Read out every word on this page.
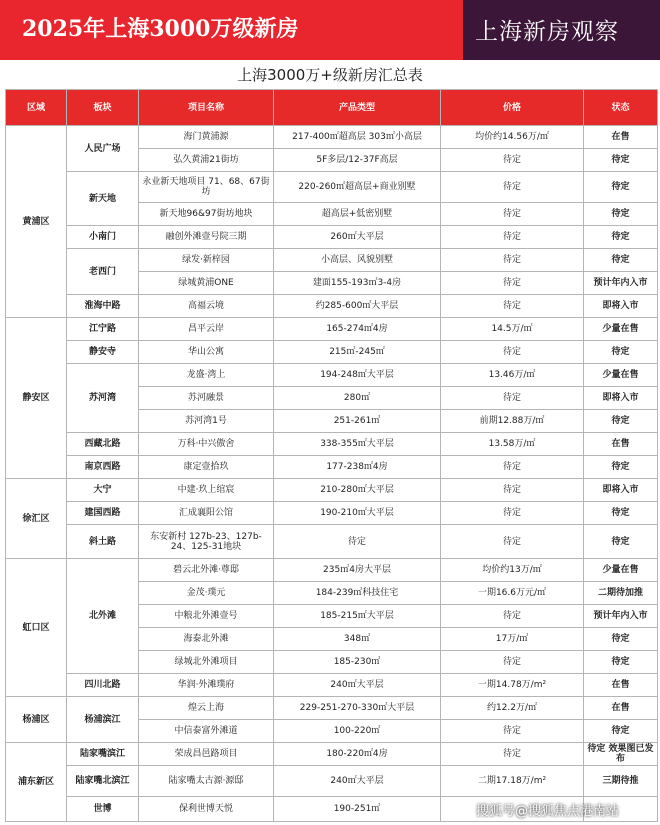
2025年上海3000万级新房	上海新房观察
上海3000万+级新房汇总表
区域	板块	项目名称	产品类型	价格	状态
黄浦区	人民广场	海门黄浦源	217-400㎡超高层 303㎡小高层	均价约14.56万/㎡	在售
		弘久黄浦21街坊	5F多层/12-37F高层	待定	待定
	新天地	永业新天地项目 71、68、67街坊	220-260㎡超高层+商业别墅	待定	待定
		新天地96&97街坊地块	超高层+低密别墅	待定	待定
	小南门	融创外滩壹号院三期	260㎡大平层	待定	待定
	老西门	绿发·新梓园	小高层、风貌别墅	待定	待定
		绿城黄浦ONE	建面155-193㎡3-4房	待定	预计年内入市
	淮海中路	高福云境	约285-600㎡大平层	待定	即将入市
静安区	江宁路	昌平云岸	165-274㎡4房	14.5万/㎡	少量在售
	静安寺	华山公寓	215㎡-245㎡	待定	待定
	苏河湾	龙盛·湾上	194-248㎡大平层	13.46万/㎡	少量在售
		苏河融景	280㎡	待定	即将入市
		苏河湾1号	251-261㎡	前期12.88万/㎡	待定
	西藏北路	万科·中兴傲舍	338-355㎡大平层	13.58万/㎡	在售
	南京西路	康定壹拾玖	177-238㎡4房	待定	待定
徐汇区	大宁	中建·玖上绾宸	210-280㎡大平层	待定	即将入市
	建国西路	汇成襄阳公馆	190-210㎡大平层	待定	待定
	斜土路	东安新村 127b-23、127b-24、125-31地块	待定	待定	待定
虹口区	北外滩	碧云北外滩·尊邸	235㎡4房大平层	均价约13万/㎡	少量在售
		金茂·璞元	184-239㎡科技住宅	一期16.6万元/㎡	二期待加推
		中粮北外滩壹号	185-215㎡大平层	待定	预计年内入市
		海泰北外滩	348㎡	17万/㎡	待定
		绿城北外滩项目	185-230㎡	待定	待定
	四川北路	华润·外滩璞府	240㎡大平层	一期14.78万/m²	在售
杨浦区	杨浦滨江	煌云上海	229-251-270-330㎡大平层	约12.2万/㎡	在售
		中信泰富外滩道	100-220㎡	待定	待定
浦东新区	陆家嘴滨江	荣成昌邑路项目	180-220㎡4房	待定	待定 效果图已发布
	陆家嘴北滨江	陆家嘴太古源·源邸	240㎡大平层	二期17.18万/m²	三期待推
	世博	保利世博天悦	190-251㎡			搜狐号@搜狐焦点港南站
